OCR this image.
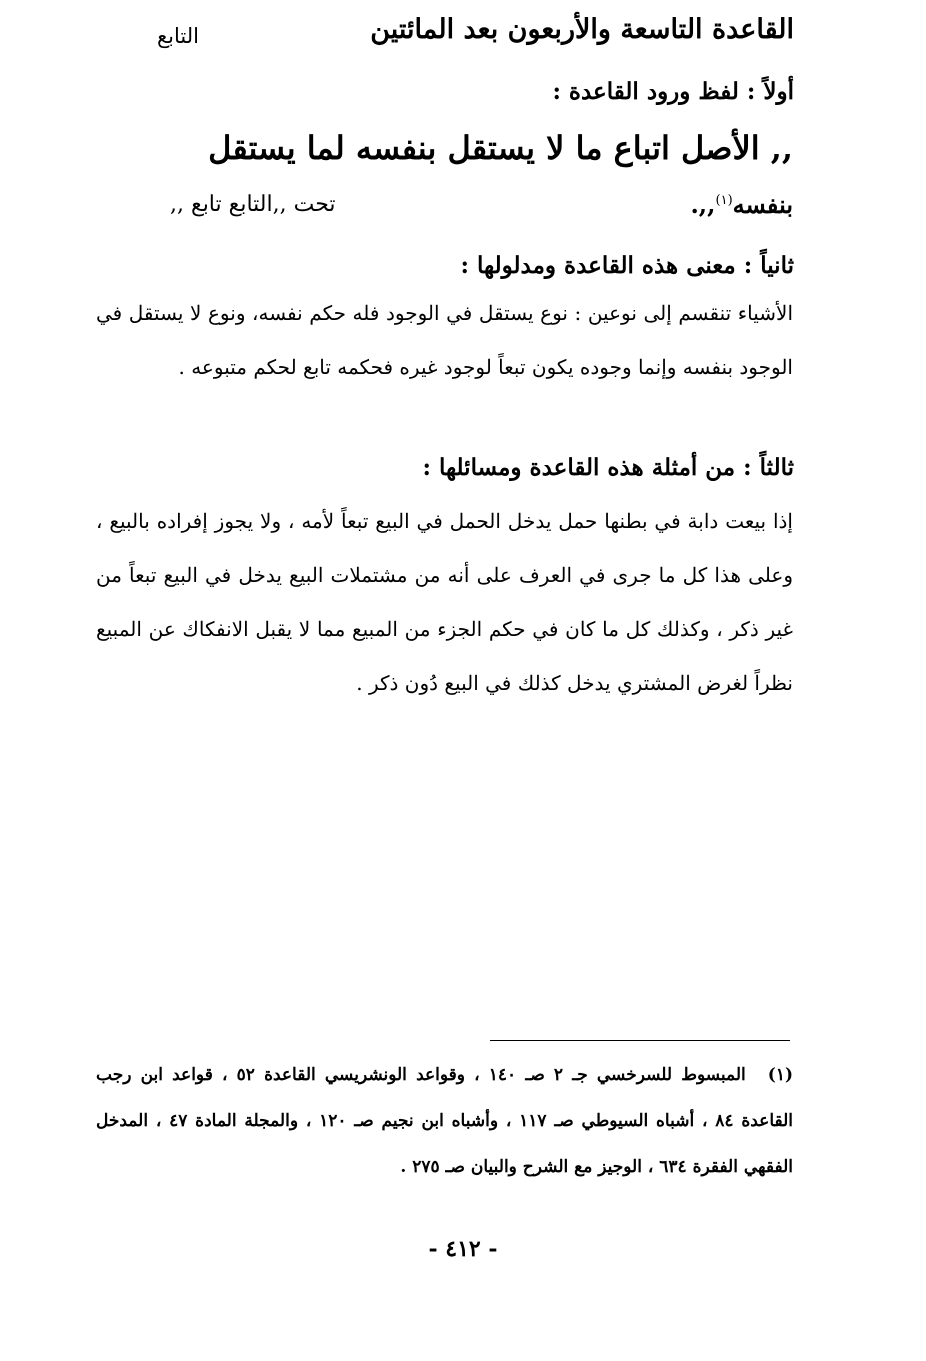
القاعدة التاسعة والأربعون بعد المائتين
التابع
أولاً : لفظ ورود القاعدة :
,, الأصل اتباع ما لا يستقل بنفسه لما يستقل
بنفسه$^{(١)}$,,.
تحت ,,التابع تابع ,,
ثانياً : معنى هذه القاعدة ومدلولها :
الأشياء تنقسم إلى نوعين : نوع يستقل في الوجود فله حكم نفسه، ونوع لا يستقل في الوجود بنفسه وإنما وجوده يكون تبعاً لوجود غيره فحكمه تابع لحكم متبوعه .
ثالثاً : من أمثلة هذه القاعدة ومسائلها :
إذا بيعت دابة في بطنها حمل يدخل الحمل في البيع تبعاً لأمه ، ولا يجوز إفراده بالبيع ، وعلى هذا كل ما جرى في العرف على أنه من مشتملات البيع يدخل في البيع تبعاً من غير ذكر ، وكذلك كل ما كان في حكم الجزء من المبيع مما لا يقبل الانفكاك عن المبيع نظراً لغرض المشتري يدخل كذلك في البيع دُون ذكر .
(١)المبسوط للسرخسي جـ ٢ صـ ١٤٠ ، وقواعد الونشريسي القاعدة ٥٢ ، قواعد ابن رجب القاعدة ٨٤ ، أشباه السيوطي صـ ١١٧ ، وأشباه ابن نجيم صـ ١٢٠ ، والمجلة المادة ٤٧ ، المدخل الفقهي الفقرة ٦٣٤ ، الوجيز مع الشرح والبيان صـ ٢٧٥ .
- ٤١٢ -
